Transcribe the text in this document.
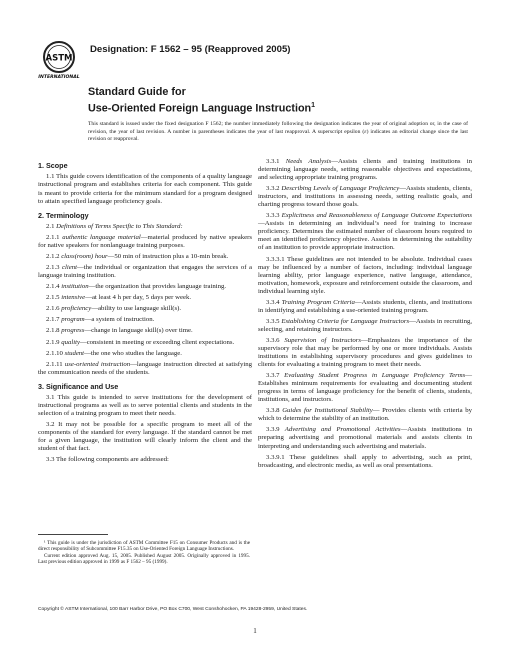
ASTM
INTERNATIONAL
Designation: F 1562 – 95 (Reapproved 2005)
Standard Guide for
Use-Oriented Foreign Language Instruction$^1$
This standard is issued under the fixed designation F 1562; the number immediately following the designation indicates the year of original adoption or, in the case of revision, the year of last revision. A number in parentheses indicates the year of last reapproval. A superscript epsilon (ε) indicates an editorial change since the last revision or reapproval.
1. Scope

1.1 This guide covers identification of the components of a quality language instructional program and establishes criteria for each component. This guide is meant to provide criteria for the minimum standard for a program designed to attain specified language proficiency goals.

2. Terminology

2.1 Definitions of Terms Specific to This Standard:

2.1.1 authentic language material—material produced by native speakers for native speakers for nonlanguage training purposes.

2.1.2 class(room) hour—50 min of instruction plus a 10-min break.

2.1.3 client—the individual or organization that engages the services of a language training institution.

2.1.4 institution—the organization that provides language training.

2.1.5 intensive—at least 4 h per day, 5 days per week.

2.1.6 proficiency—ability to use language skill(s).

2.1.7 program—a system of instruction.

2.1.8 progress—change in language skill(s) over time.

2.1.9 quality—consistent in meeting or exceeding client expectations.

2.1.10 student—the one who studies the language.

2.1.11 use-oriented instruction—language instruction directed at satisfying the communication needs of the students.

3. Significance and Use

3.1 This guide is intended to serve institutions for the development of instructional programs as well as to serve potential clients and students in the selection of a training program to meet their needs.

3.2 It may not be possible for a specific program to meet all of the components of the standard for every language. If the standard cannot be met for a given language, the institution will clearly inform the client and the student of that fact.

3.3 The following components are addressed:

3.3.1 Needs Analysis—Assists clients and training institutions in determining language needs, setting reasonable objectives and expectations, and selecting appropriate training programs.

3.3.2 Describing Levels of Language Proficiency—Assists students, clients, instructors, and institutions in assessing needs, setting realistic goals, and charting progress toward those goals.

3.3.3 Explicitness and Reasonableness of Language Outcome Expectations—Assists in determining an individual’s need for training to increase proficiency. Determines the estimated number of classroom hours required to meet an identified proficiency objective. Assists in determining the suitability of an institution to provide appropriate instruction.

3.3.3.1 These guidelines are not intended to be absolute. Individual cases may be influenced by a number of factors, including: individual language learning ability, prior language experience, native language, attendance, motivation, homework, exposure and reinforcement outside the classroom, and individual learning style.

3.3.4 Training Program Criteria—Assists students, clients, and institutions in identifying and establishing a use-oriented training program.

3.3.5 Establishing Criteria for Language Instructors—Assists in recruiting, selecting, and retaining instructors.

3.3.6 Supervision of Instructors—Emphasizes the importance of the supervisory role that may be performed by one or more individuals. Assists institutions in establishing supervisory procedures and gives guidelines to clients for evaluating a training program to meet their needs.

3.3.7 Evaluating Student Progress in Language Proficiency Terms—Establishes minimum requirements for evaluating and documenting student progress in terms of language proficiency for the benefit of clients, students, institutions, and instructors.

3.3.8 Guides for Institutional Stability— Provides clients with criteria by which to determine the stability of an institution.

3.3.9 Advertising and Promotional Activities—Assists institutions in preparing advertising and promotional materials and assists clients in interpreting and understanding such advertising and materials.

3.3.9.1 These guidelines shall apply to advertising, such as print, broadcasting, and electronic media, as well as oral presentations.

¹ This guide is under the jurisdiction of ASTM Committee F15 on Consumer Products and is the direct responsibility of Subcommittee F15.35 on Use-Oriented Foreign Language Instructions.

Current edition approved Aug. 15, 2005. Published August 2005. Originally approved in 1995. Last previous edition approved in 1999 as F 1562 – 95 (1999).

Copyright © ASTM International, 100 Barr Harbor Drive, PO Box C700, West Conshohocken, PA 19428-2959, United States.
1
